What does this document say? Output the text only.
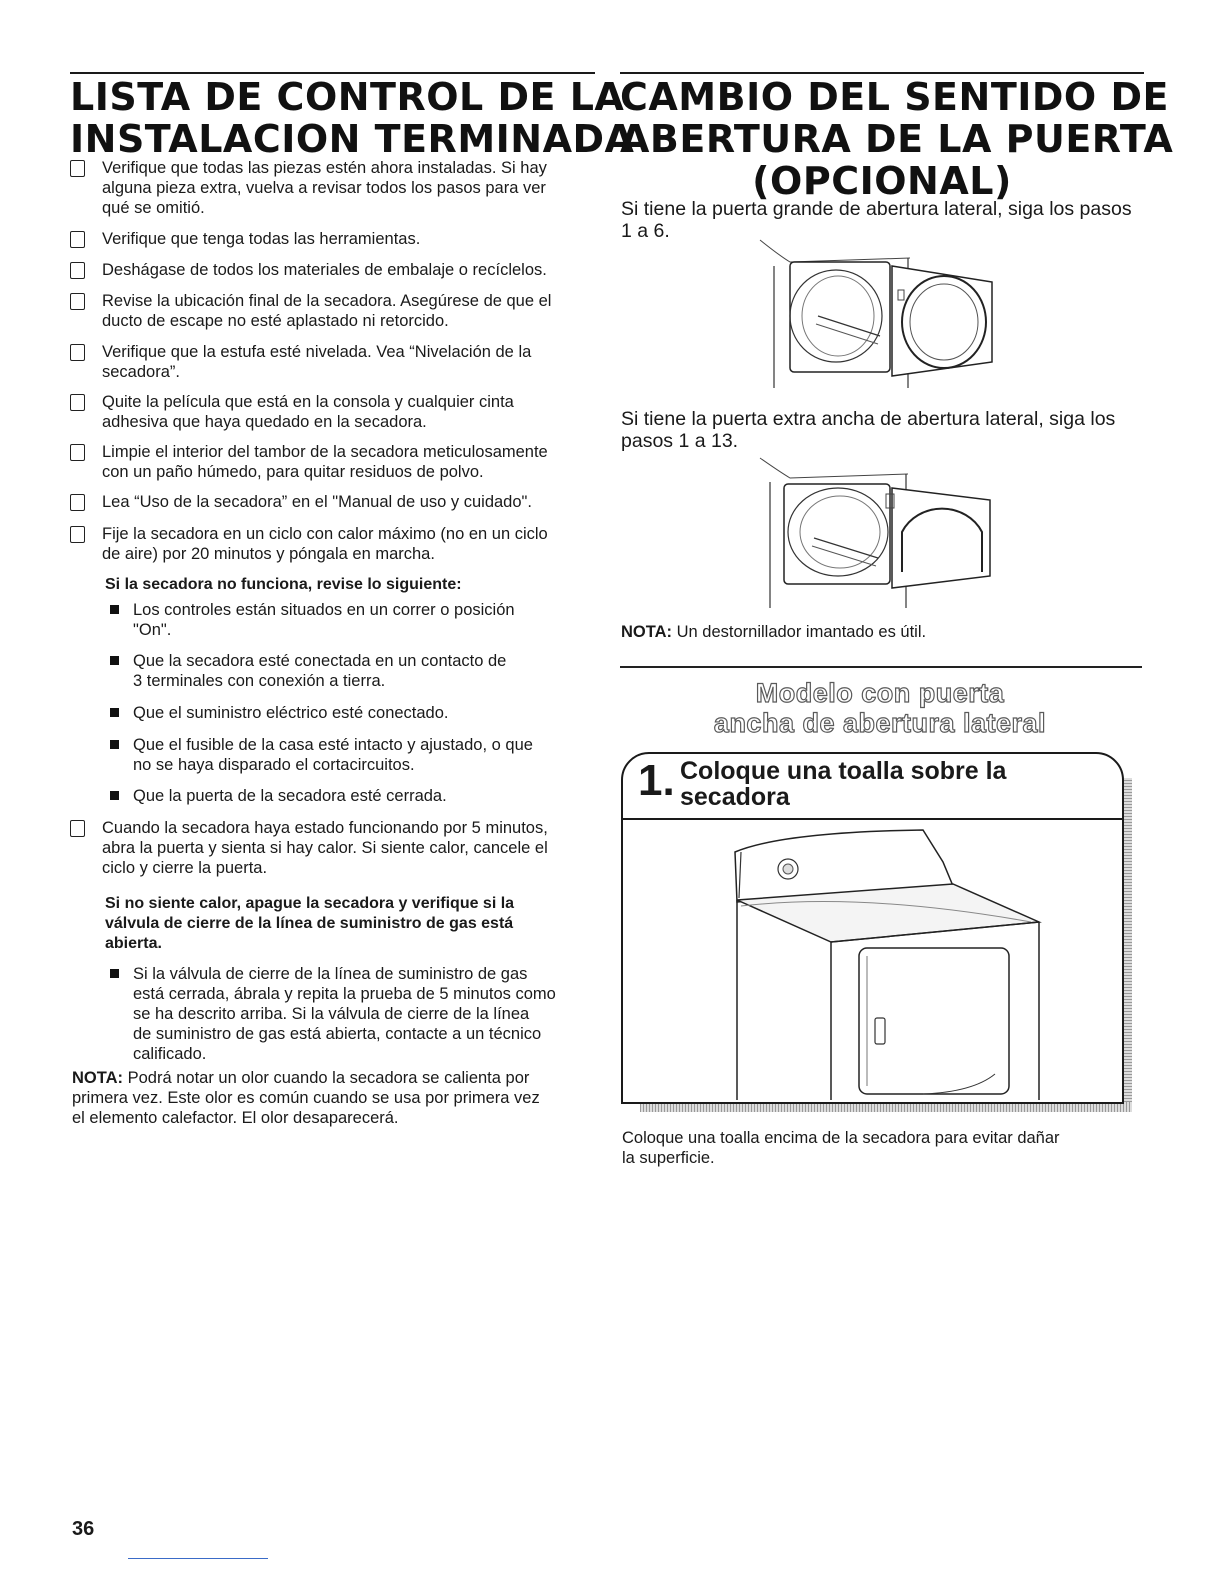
LISTA DE CONTROL DE LA
INSTALACION TERMINADA
Verifique que todas las piezas estén ahora instaladas. Si hay
alguna pieza extra, vuelva a revisar todos los pasos para ver
qué se omitió.
Verifique que tenga todas las herramientas.
Deshágase de todos los materiales de embalaje o recíclelos.
Revise la ubicación final de la secadora. Asegúrese de que el
ducto de escape no esté aplastado ni retorcido.
Verifique que la estufa esté nivelada. Vea “Nivelación de la
secadora”.
Quite la película que está en la consola y cualquier cinta
adhesiva que haya quedado en la secadora.
Limpie el interior del tambor de la secadora meticulosamente
con un paño húmedo, para quitar residuos de polvo.
Lea “Uso de la secadora” en el "Manual de uso y cuidado".
Fije la secadora en un ciclo con calor máximo (no en un ciclo
de aire) por 20 minutos y póngala en marcha.
Si la secadora no funciona, revise lo siguiente:
Los controles están situados en un correr o posición
"On".
Que la secadora esté conectada en un contacto de
3 terminales con conexión a tierra.
Que el suministro eléctrico esté conectado.
Que el fusible de la casa esté intacto y ajustado, o que
no se haya disparado el cortacircuitos.
Que la puerta de la secadora esté cerrada.
Cuando la secadora haya estado funcionando por 5 minutos,
abra la puerta y sienta si hay calor. Si siente calor, cancele el
ciclo y cierre la puerta.
Si no siente calor, apague la secadora y verifique si la
válvula de cierre de la línea de suministro de gas está
abierta.
Si la válvula de cierre de la línea de suministro de gas
está cerrada, ábrala y repita la prueba de 5 minutos como
se ha descrito arriba. Si la válvula de cierre de la línea
de suministro de gas está abierta, contacte a un técnico
calificado.
NOTA: Podrá notar un olor cuando la secadora se calienta por
primera vez. Este olor es común cuando se usa por primera vez
el elemento calefactor. El olor desaparecerá.
CAMBIO DEL SENTIDO DE
ABERTURA DE LA PUERTA
(OPCIONAL)
Si tiene la puerta grande de abertura lateral, siga los pasos
1 a 6.
Si tiene la puerta extra ancha de abertura lateral, siga los
pasos 1 a 13.
NOTA: Un destornillador imantado es útil.
Modelo con puerta
ancha de abertura lateral
1. Coloque una toalla sobre la
secadora
Coloque una toalla encima de la secadora para evitar dañar
la superficie.
36
